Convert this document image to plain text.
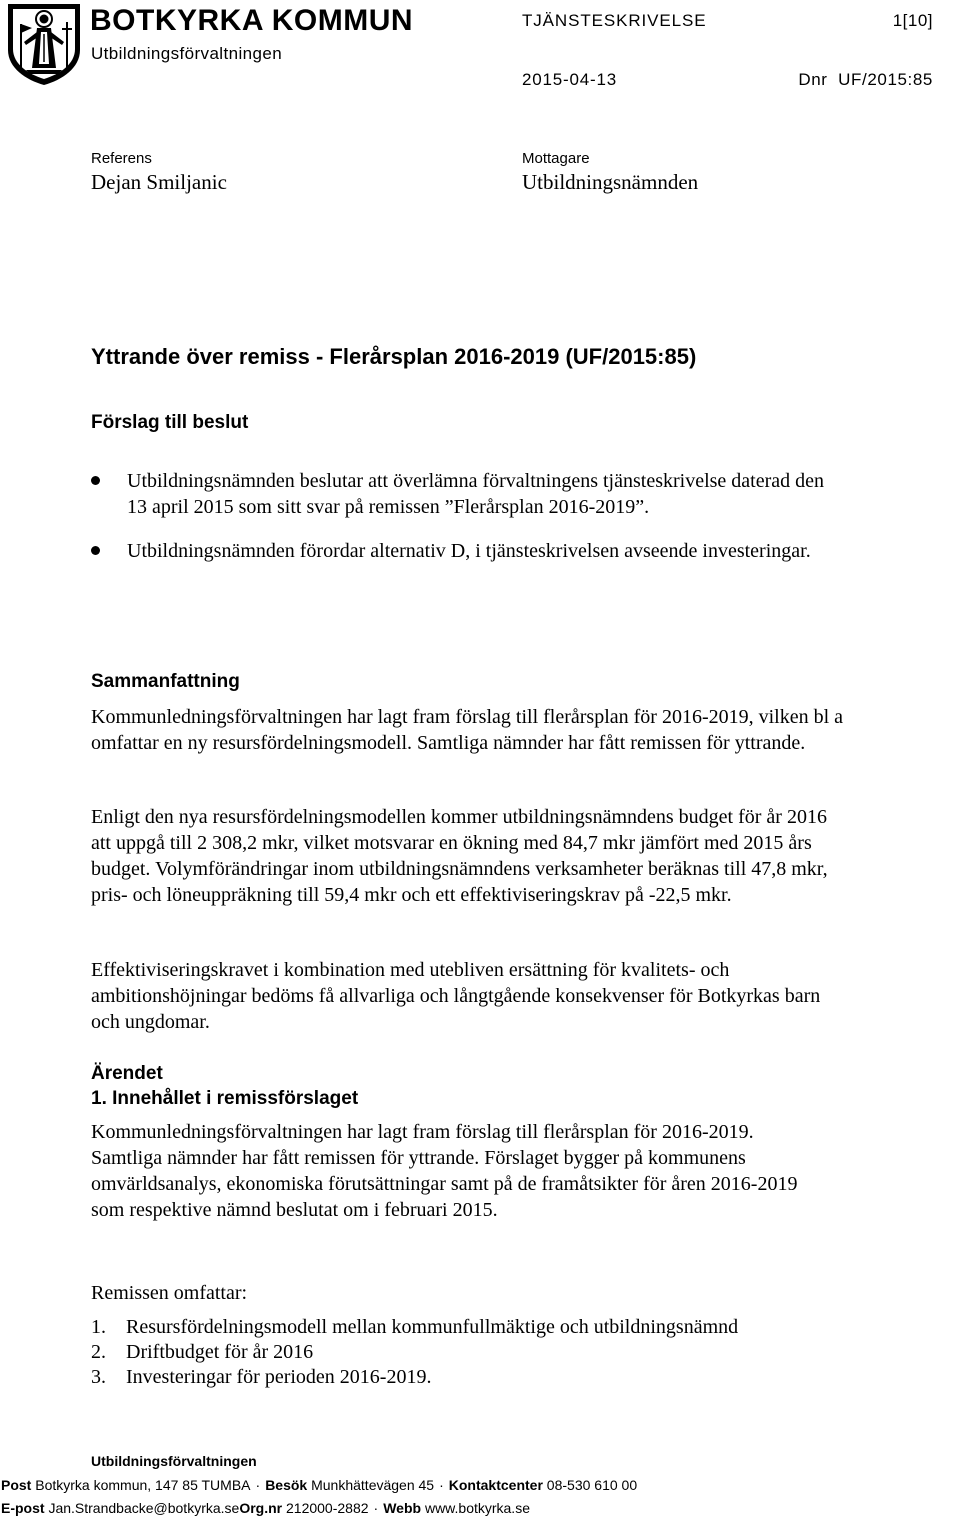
BOTKYRKA KOMMUN
Utbildningsförvaltningen
TJÄNSTESKRIVELSE	1[10]
2015-04-13	Dnr  UF/2015:85
Referens
Dejan Smiljanic
Mottagare
Utbildningsnämnden
Yttrande över remiss - Flerårsplan 2016-2019 (UF/2015:85)
Förslag till beslut
Utbildningsnämnden beslutar att överlämna förvaltningens tjänsteskrivelse daterad den 13 april 2015 som sitt svar på remissen ”Flerårsplan 2016-2019”.
Utbildningsnämnden förordar alternativ D, i tjänsteskrivelsen avseende investeringar.
Sammanfattning
Kommunledningsförvaltningen har lagt fram förslag till flerårsplan för 2016-2019, vilken bl a omfattar en ny resursfördelningsmodell. Samtliga nämnder har fått remissen för yttrande.
Enligt den nya resursfördelningsmodellen kommer utbildningsnämndens budget för år 2016 att uppgå till 2 308,2 mkr, vilket motsvarar en ökning med 84,7 mkr jämfört med 2015 års budget. Volymförändringar inom utbildningsnämndens verksamheter beräknas till 47,8 mkr, pris- och löneuppräkning till 59,4 mkr och ett effektiviseringskrav på -22,5 mkr.
Effektiviseringskravet i kombination med utebliven ersättning för kvalitets- och ambitionshöjningar bedöms få allvarliga och långtgående konsekvenser för Botkyrkas barn och ungdomar.
Ärendet
1. Innehållet i remissförslaget
Kommunledningsförvaltningen har lagt fram förslag till flerårsplan för 2016-2019. Samtliga nämnder har fått remissen för yttrande. Förslaget bygger på kommunens omvärldsanalys, ekonomiska förutsättningar samt på de framåtsikter för åren 2016-2019 som respektive nämnd beslutat om i februari 2015.
Remissen omfattar:
1. Resursfördelningsmodell mellan kommunfullmäktige och utbildningsnämnd
2. Driftbudget för år 2016
3. Investeringar för perioden 2016-2019.
Utbildningsförvaltningen
Post Botkyrka kommun, 147 85 TUMBA · Besök Munkhättevägen 45 · Kontaktcenter 08-530 610 00
E-post Jan.Strandbacke@botkyrka.seOrg.nr 212000-2882 · Webb www.botkyrka.se
